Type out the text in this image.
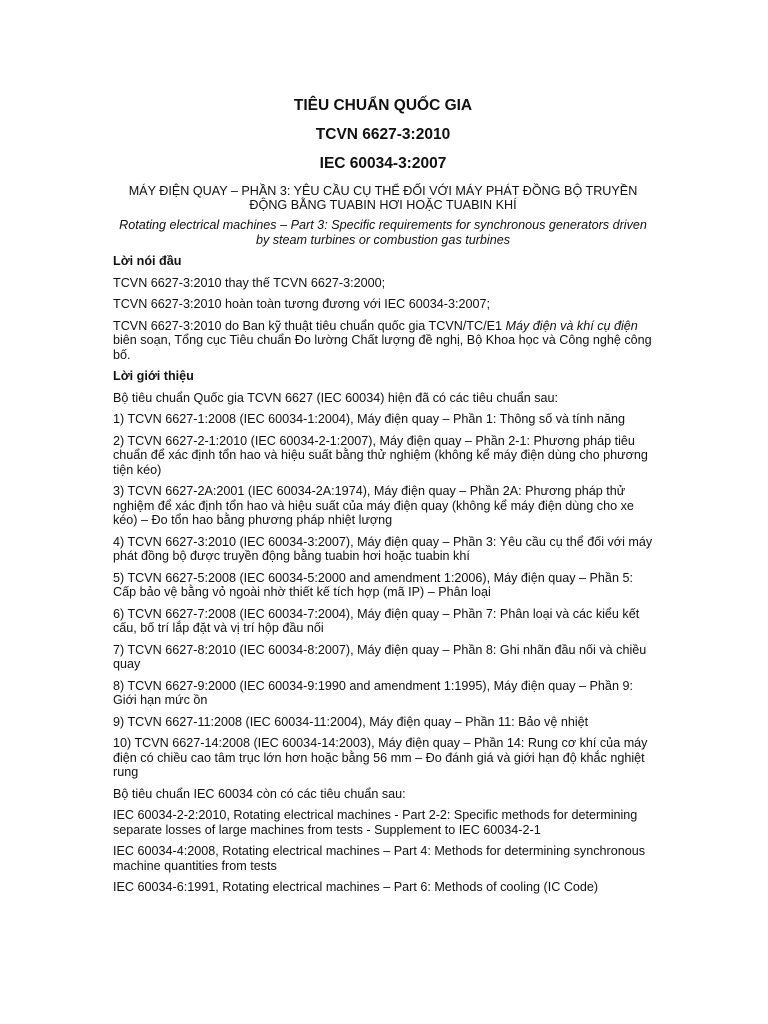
TIÊU CHUẨN QUỐC GIA
TCVN 6627-3:2010
IEC 60034-3:2007
MÁY ĐIỆN QUAY – PHẦN 3: YÊU CẦU CỤ THỂ ĐỐI VỚI MÁY PHÁT ĐỒNG BỘ TRUYỀN ĐỘNG BẰNG TUABIN HƠI HOẶC TUABIN KHÍ
Rotating electrical machines – Part 3: Specific requirements for synchronous generators driven by steam turbines or combustion gas turbines
Lời nói đầu
TCVN 6627-3:2010 thay thế TCVN 6627-3:2000;
TCVN 6627-3:2010 hoàn toàn tương đương với IEC 60034-3:2007;
TCVN 6627-3:2010 do Ban kỹ thuật tiêu chuẩn quốc gia TCVN/TC/E1 Máy điện và khí cụ điện biên soạn, Tổng cục Tiêu chuẩn Đo lường Chất lượng đề nghị, Bộ Khoa học và Công nghệ công bố.
Lời giới thiệu
Bộ tiêu chuẩn Quốc gia TCVN 6627 (IEC 60034) hiện đã có các tiêu chuẩn sau:
1) TCVN 6627-1:2008 (IEC 60034-1:2004), Máy điện quay – Phần 1: Thông số và tính năng
2) TCVN 6627-2-1:2010 (IEC 60034-2-1:2007), Máy điện quay – Phần 2-1: Phương pháp tiêu chuẩn để xác định tổn hao và hiệu suất bằng thử nghiệm (không kể máy điện dùng cho phương tiện kéo)
3) TCVN 6627-2A:2001 (IEC 60034-2A:1974), Máy điện quay – Phần 2A: Phương pháp thử nghiệm để xác định tổn hao và hiệu suất của máy điện quay (không kể máy điện dùng cho xe kéo) – Đo tổn hao bằng phương pháp nhiệt lượng
4) TCVN 6627-3:2010 (IEC 60034-3:2007), Máy điện quay – Phần 3: Yêu cầu cụ thể đối với máy phát đồng bộ được truyền động bằng tuabin hơi hoặc tuabin khí
5) TCVN 6627-5:2008 (IEC 60034-5:2000 and amendment 1:2006), Máy điện quay – Phần 5: Cấp bảo vệ bằng vỏ ngoài nhờ thiết kế tích hợp (mã IP) – Phân loại
6) TCVN 6627-7:2008 (IEC 60034-7:2004), Máy điện quay – Phần 7: Phân loại và các kiểu kết cấu, bố trí lắp đặt và vị trí hộp đầu nối
7) TCVN 6627-8:2010 (IEC 60034-8:2007), Máy điện quay – Phần 8: Ghi nhãn đầu nối và chiều quay
8) TCVN 6627-9:2000 (IEC 60034-9:1990 and amendment 1:1995), Máy điện quay – Phần 9: Giới hạn mức ồn
9) TCVN 6627-11:2008 (IEC 60034-11:2004), Máy điện quay – Phần 11: Bảo vệ nhiệt
10) TCVN 6627-14:2008 (IEC 60034-14:2003), Máy điện quay – Phần 14: Rung cơ khí của máy điện có chiều cao tâm trục lớn hơn hoặc bằng 56 mm – Đo đánh giá và giới hạn độ khắc nghiệt rung
Bộ tiêu chuẩn IEC 60034 còn có các tiêu chuẩn sau:
IEC 60034-2-2:2010, Rotating electrical machines - Part 2-2: Specific methods for determining separate losses of large machines from tests - Supplement to IEC 60034-2-1
IEC 60034-4:2008, Rotating electrical machines – Part 4: Methods for determining synchronous machine quantities from tests
IEC 60034-6:1991, Rotating electrical machines – Part 6: Methods of cooling (IC Code)
